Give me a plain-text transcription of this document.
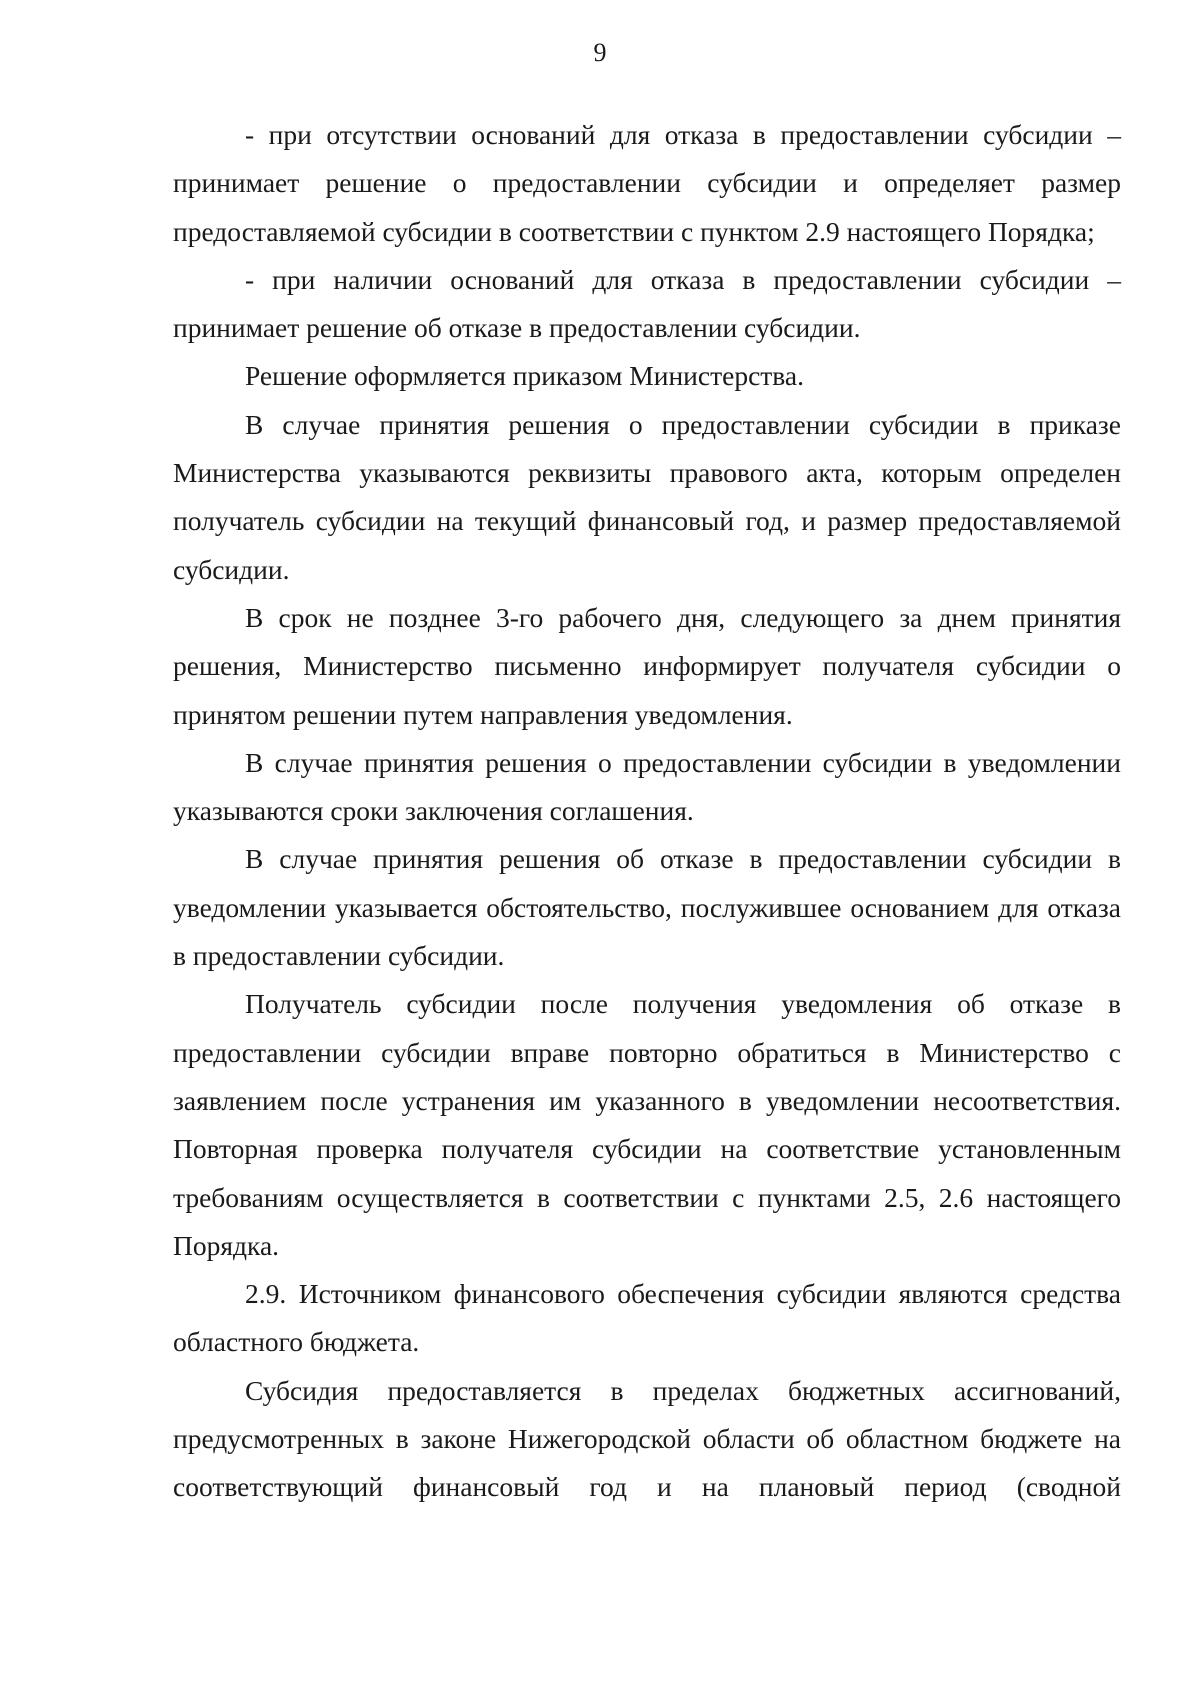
9

- при отсутствии оснований для отказа в предоставлении субсидии – принимает решение о предоставлении субсидии и определяет размер предоставляемой субсидии в соответствии с пунктом 2.9 настоящего Порядка;

- при наличии оснований для отказа в предоставлении субсидии – принимает решение об отказе в предоставлении субсидии.

Решение оформляется приказом Министерства.

В случае принятия решения о предоставлении субсидии в приказе Министерства указываются реквизиты правового акта, которым определен получатель субсидии на текущий финансовый год, и размер предоставляемой субсидии.

В срок не позднее 3-го рабочего дня, следующего за днем принятия решения, Министерство письменно информирует получателя субсидии о принятом решении путем направления уведомления.

В случае принятия решения о предоставлении субсидии в уведомлении указываются сроки заключения соглашения.

В случае принятия решения об отказе в предоставлении субсидии в уведомлении указывается обстоятельство, послужившее основанием для отказа в предоставлении субсидии.

Получатель субсидии после получения уведомления об отказе в предоставлении субсидии вправе повторно обратиться в Министерство с заявлением после устранения им указанного в уведомлении несоответствия. Повторная проверка получателя субсидии на соответствие установленным требованиям осуществляется в соответствии с пунктами 2.5, 2.6 настоящего Порядка.

2.9. Источником финансового обеспечения субсидии являются средства областного бюджета.

Субсидия предоставляется в пределах бюджетных ассигнований, предусмотренных в законе Нижегородской области об областном бюджете на соответствующий финансовый год и на плановый период (сводной
